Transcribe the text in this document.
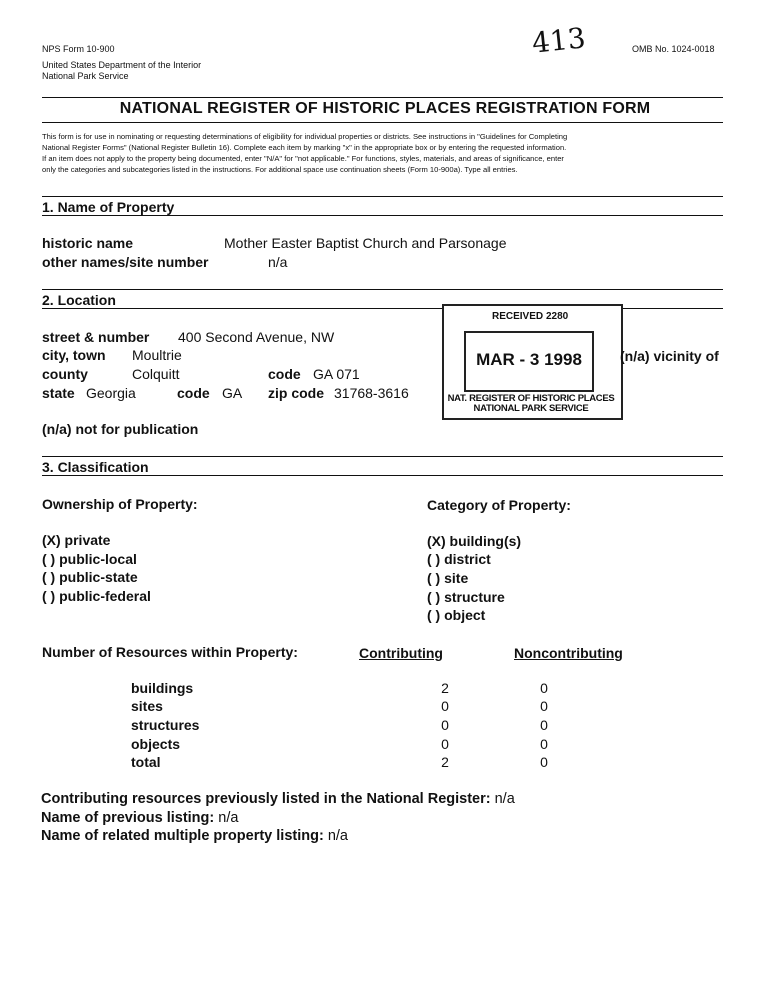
NPS Form 10-900
United States Department of the Interior
National Park Service
OMB No. 1024-0018
413
NATIONAL REGISTER OF HISTORIC PLACES REGISTRATION FORM
This form is for use in nominating or requesting determinations of eligibility for individual properties or districts. See instructions in "Guidelines for Completing
National Register Forms" (National Register Bulletin 16). Complete each item by marking "x" in the appropriate box or by entering the requested information.
If an item does not apply to the property being documented, enter "N/A" for "not applicable." For functions, styles, materials, and areas of significance, enter
only the categories and subcategories listed in the instructions. For additional space use continuation sheets (Form 10-900a). Type all entries.
1. Name of Property
historic name	Mother Easter Baptist Church and Parsonage
other names/site number	n/a
2. Location
street & number 400 Second Avenue, NW
city, town Moultrie
county	Colquitt	code GA 071
state Georgia	code GA zip code 31768-3616
(n/a) not for publication
RECEIVED 2280
MAR - 3 1998
NAT. REGISTER OF HISTORIC PLACES
NATIONAL PARK SERVICE
(n/a) vicinity of
3. Classification
Ownership of Property:	Category of Property:
(X) private
( ) public-local
( ) public-state
( ) public-federal
(X) building(s)
( ) district
( ) site
( ) structure
( ) object
Number of Resources within Property:	Contributing	Noncontributing
buildings	2	0
sites	0	0
structures	0	0
objects	0	0
total	2	0
Contributing resources previously listed in the National Register: n/a
Name of previous listing: n/a
Name of related multiple property listing: n/a
